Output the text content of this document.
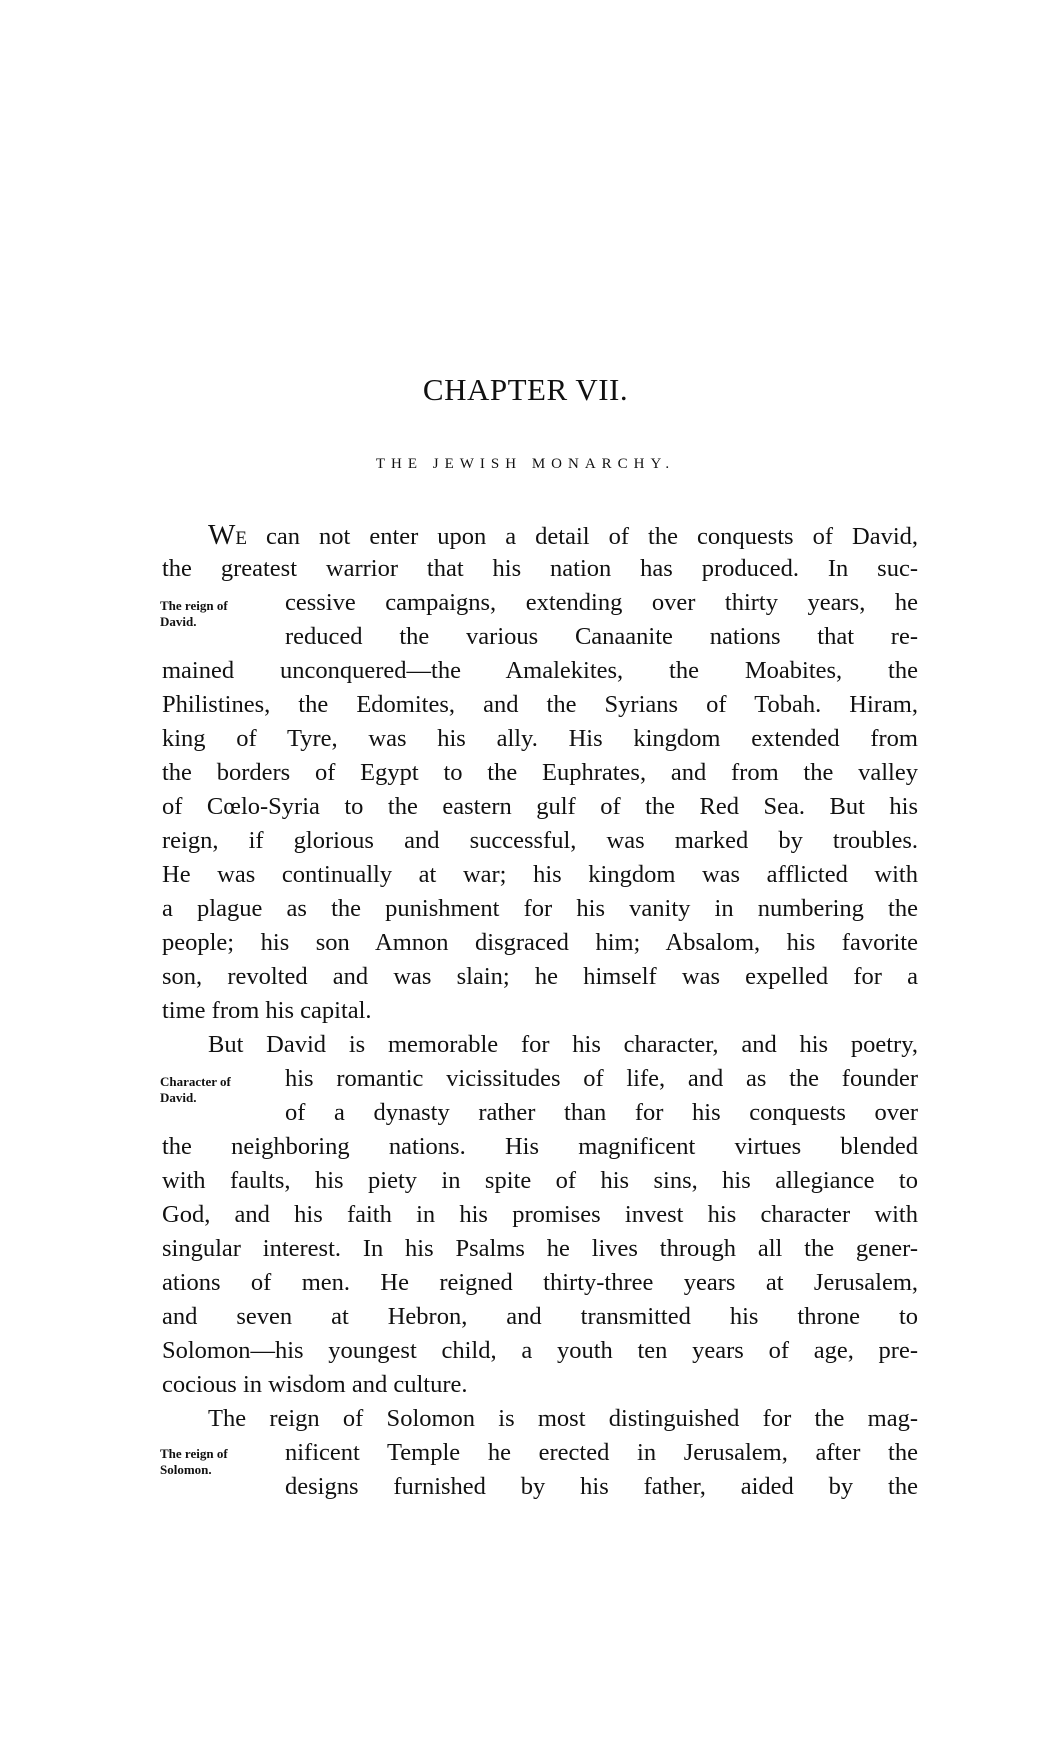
CHAPTER VII.
THE JEWISH MONARCHY.
WE can not enter upon a detail of the conquests of David,
the greatest warrior that his nation has produced. In suc-
cessive campaigns, extending over thirty years, he
reduced the various Canaanite nations that re-
mained unconquered—the Amalekites, the Moabites, the
Philistines, the Edomites, and the Syrians of Tobah. Hiram,
king of Tyre, was his ally. His kingdom extended from
the borders of Egypt to the Euphrates, and from the valley
of Cœlo-Syria to the eastern gulf of the Red Sea. But his
reign, if glorious and successful, was marked by troubles.
He was continually at war; his kingdom was afflicted with
a plague as the punishment for his vanity in numbering the
people; his son Amnon disgraced him; Absalom, his favorite
son, revolted and was slain; he himself was expelled for a
time from his capital.
But David is memorable for his character, and his poetry,
his romantic vicissitudes of life, and as the founder
of a dynasty rather than for his conquests over
the neighboring nations. His magnificent virtues blended
with faults, his piety in spite of his sins, his allegiance to
God, and his faith in his promises invest his character with
singular interest. In his Psalms he lives through all the gener-
ations of men. He reigned thirty-three years at Jerusalem,
and seven at Hebron, and transmitted his throne to
Solomon—his youngest child, a youth ten years of age, pre-
cocious in wisdom and culture.
The reign of Solomon is most distinguished for the mag-
nificent Temple he erected in Jerusalem, after the
designs furnished by his father, aided by the
The reign of
David.
Character of
David.
The reign of
Solomon.
